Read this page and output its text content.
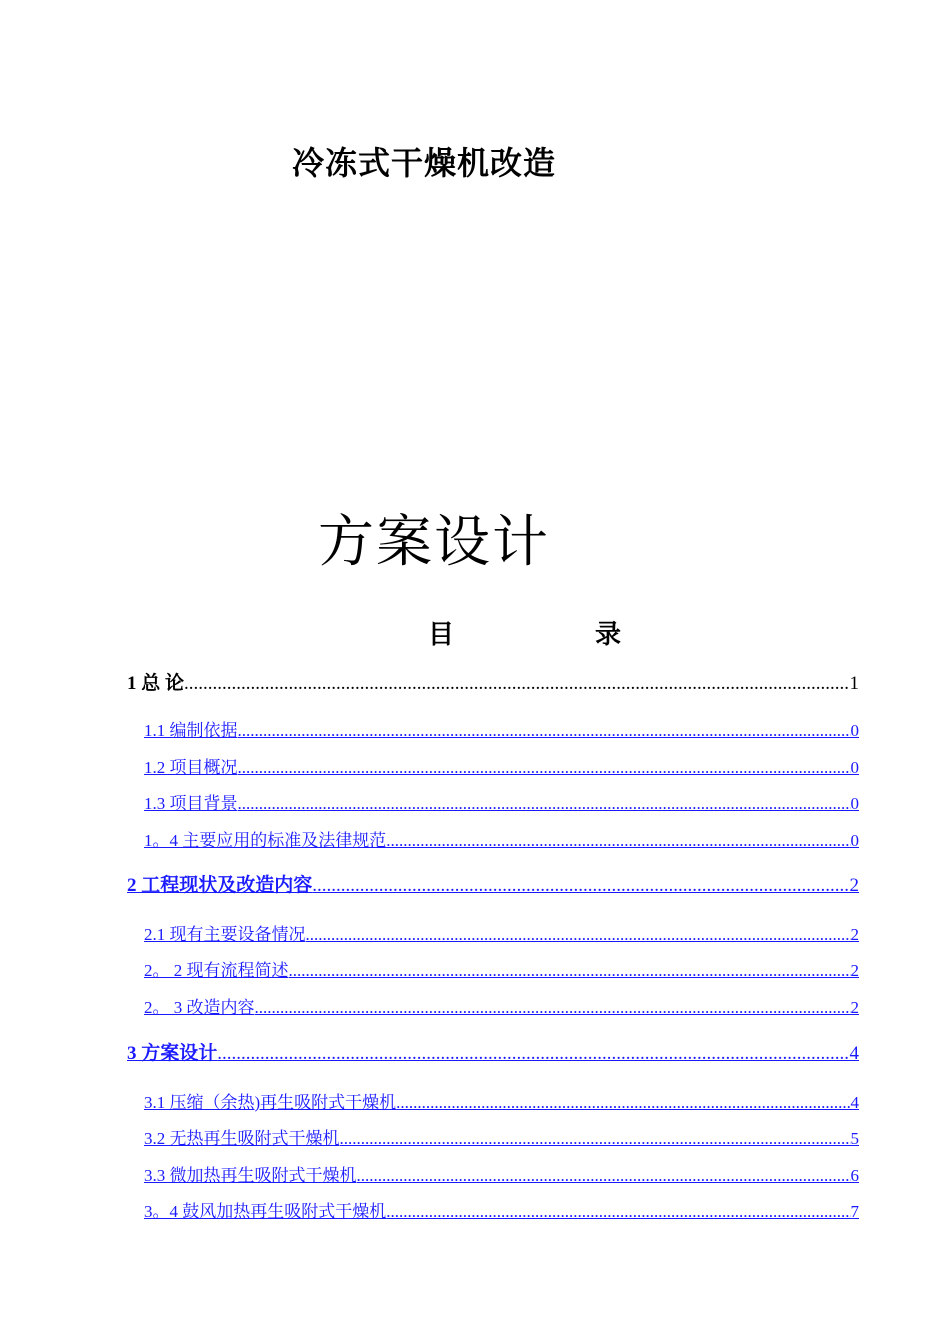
冷冻式干燥机改造
方案设计
目 录
1 总 论 .....	1
1.1 编制依据 .....	0
1.2 项目概况 .....	0
1.3 项目背景 .....	0
1。4 主要应用的标准及法律规范 .....	0
2 工程现状及改造内容 .....	2
2.1 现有主要设备情况 .....	2
2。 2 现有流程简述 .....	2
2。 3 改造内容 .....	2
3 方案设计 .....	4
3.1 压缩（余热)再生吸附式干燥机 .....	4
3.2 无热再生吸附式干燥机 .....	5
3.3 微加热再生吸附式干燥机 .....	6
3。4 鼓风加热再生吸附式干燥机 .....	7
